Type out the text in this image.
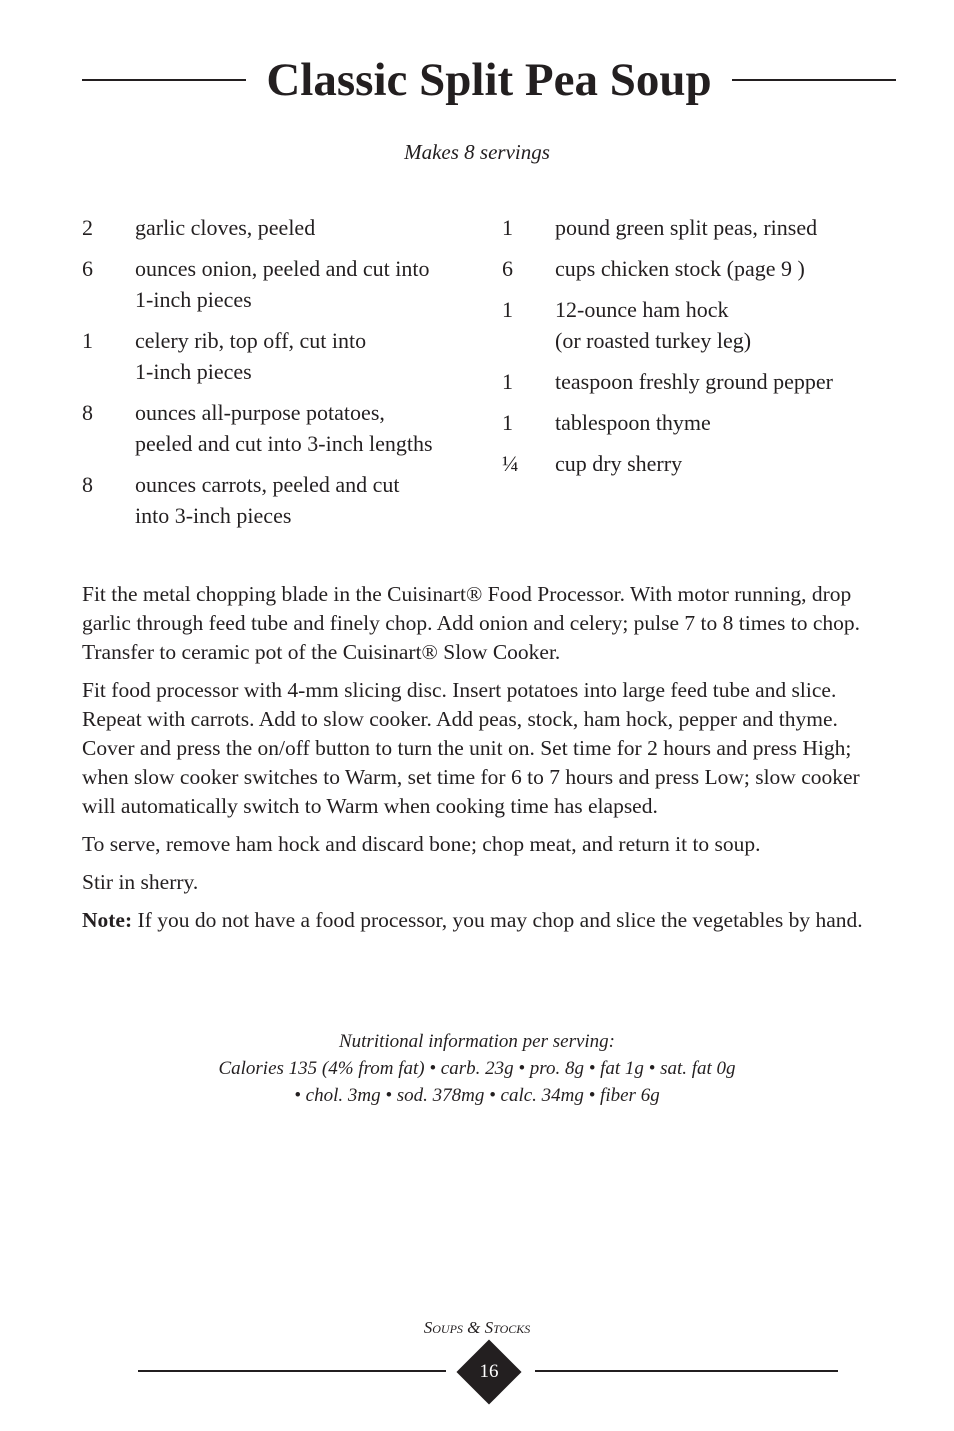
Classic Split Pea Soup
Makes 8 servings
2	garlic cloves, peeled
6	ounces onion, peeled and cut into
1-inch pieces
1	celery rib, top off, cut into
1-inch pieces
8	ounces all-purpose potatoes,
peeled and cut into 3-inch lengths
8	ounces carrots, peeled and cut
into 3-inch pieces
1	pound green split peas, rinsed
6	cups chicken stock (page 9 )
1	12-ounce ham hock
(or roasted turkey leg)
1	teaspoon freshly ground pepper
1	tablespoon thyme
¼	cup dry sherry

Fit the metal chopping blade in the Cuisinart® Food Processor. With motor running, drop garlic through feed tube and finely chop. Add onion and celery; pulse 7 to 8 times to chop. Transfer to ceramic pot of the Cuisinart® Slow Cooker.

Fit food processor with 4-mm slicing disc. Insert potatoes into large feed tube and slice. Repeat with carrots. Add to slow cooker. Add peas, stock, ham hock, pepper and thyme. Cover and press the on/off button to turn the unit on. Set time for 2 hours and press High; when slow cooker switches to Warm, set time for 6 to 7 hours and press Low; slow cooker will automatically switch to Warm when cooking time has elapsed.

To serve, remove ham hock and discard bone; chop meat, and return it to soup.

Stir in sherry.

Note: If you do not have a food processor, you may chop and slice the vegetables by hand.

Nutritional information per serving:
Calories 135 (4% from fat) • carb. 23g • pro. 8g • fat 1g • sat. fat 0g
• chol. 3mg • sod. 378mg • calc. 34mg • fiber 6g
Soups & Stocks
16
